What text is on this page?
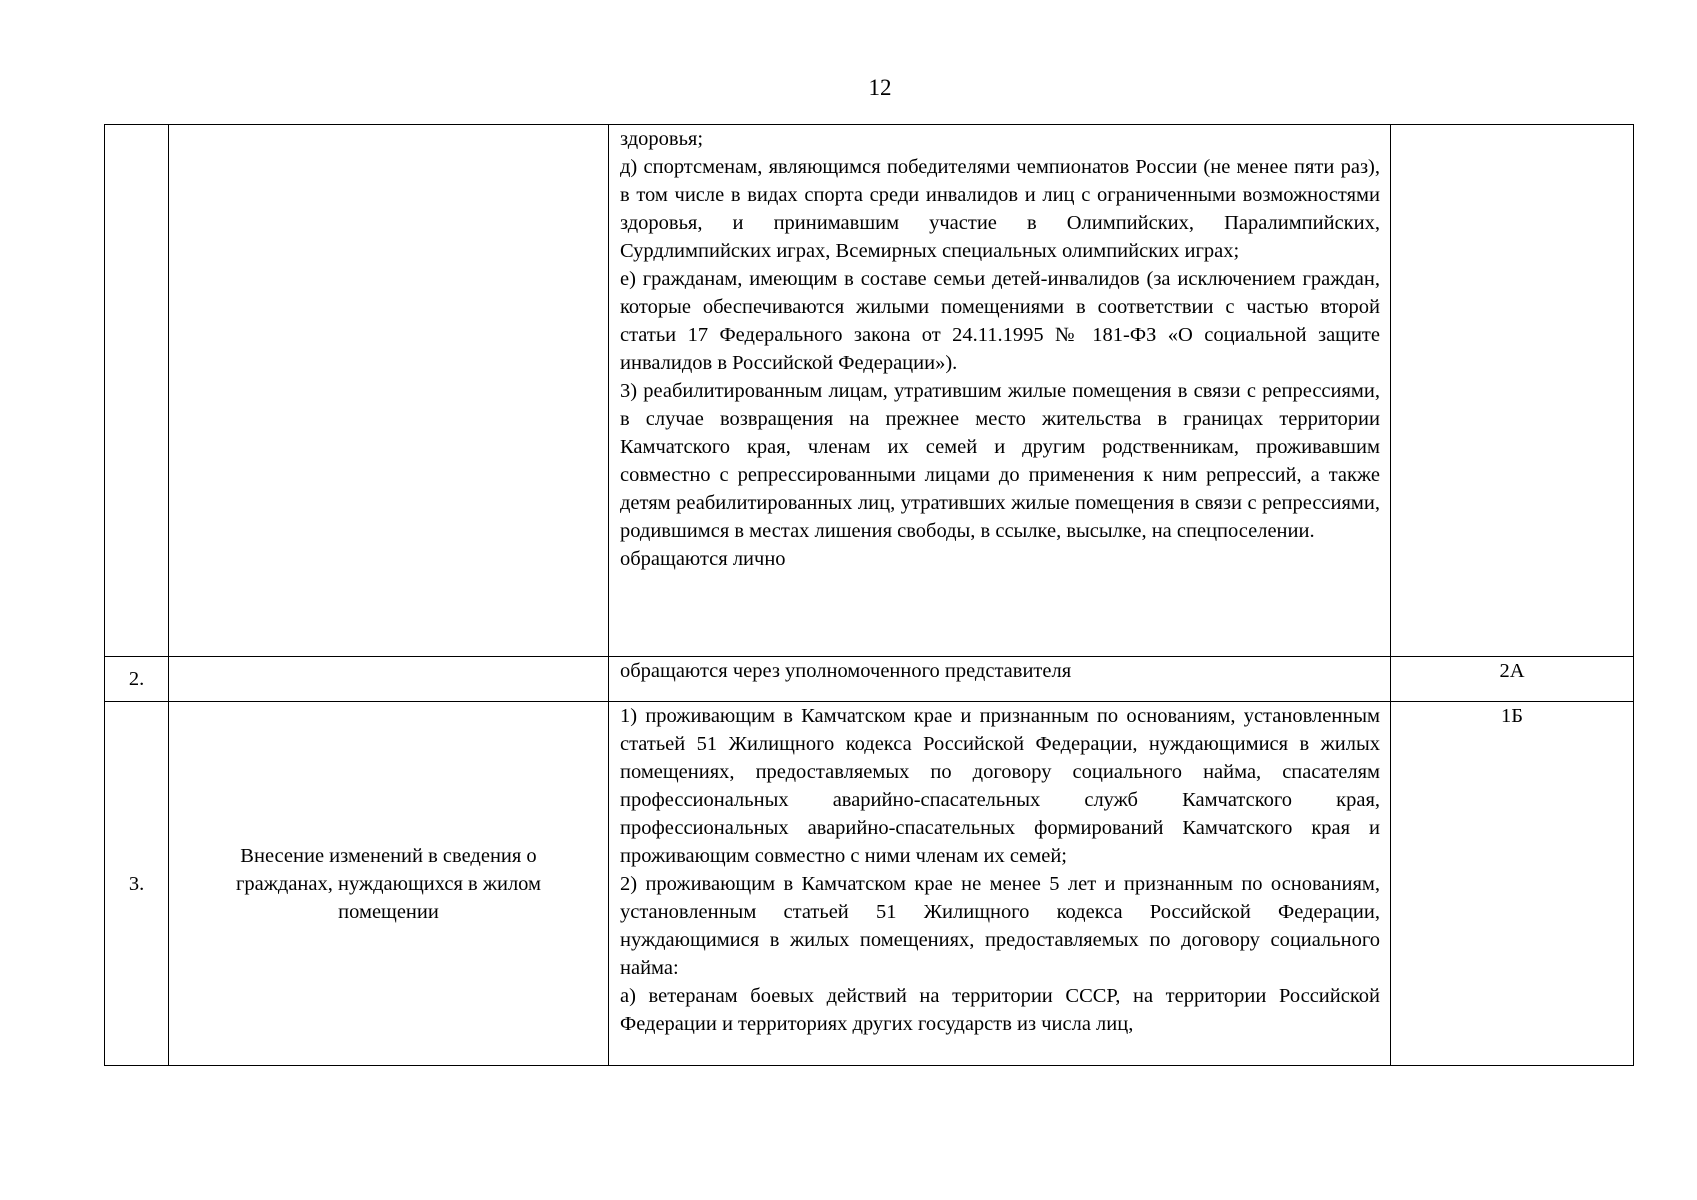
12

		здоровья;
д) спортсменам, являющимся победителями чемпионатов России (не менее пяти раз), в том числе в видах спорта среди инвалидов и лиц с ограниченными возможностями здоровья, и принимавшим участие в Олимпийских, Паралимпийских, Сурдлимпийских играх, Всемирных специальных олимпийских играх;
е) гражданам, имеющим в составе семьи детей-инвалидов (за исключением граждан, которые обеспечиваются жилыми помещениями в соответствии с частью второй статьи 17 Федерального закона от 24.11.1995 № 181-ФЗ «О социальной защите инвалидов в Российской Федерации»).
3) реабилитированным лицам, утратившим жилые помещения в связи с репрессиями, в случае возвращения на прежнее место жительства в границах территории Камчатского края, членам их семей и другим родственникам, проживавшим совместно с репрессированными лицами до применения к ним репрессий, а также детям реабилитированных лиц, утративших жилые помещения в связи с репрессиями, родившимся в местах лишения свободы, в ссылке, высылке, на спецпоселении.
обращаются лично	

2.		обращаются через уполномоченного представителя	2А
3.	Внесение изменений в сведения о гражданах, нуждающихся в жилом помещении	1) проживающим в Камчатском крае и признанным по основаниям, установленным статьей 51 Жилищного кодекса Российской Федерации, нуждающимися в жилых помещениях, предоставляемых по договору социального найма, спасателям профессиональных аварийно-спасательных служб Камчатского края, профессиональных аварийно-спасательных формирований Камчатского края и проживающим совместно с ними членам их семей;
2) проживающим в Камчатском крае не менее 5 лет и признанным по основаниям, установленным статьей 51 Жилищного кодекса Российской Федерации, нуждающимися в жилых помещениях, предоставляемых по договору социального найма:
а) ветеранам боевых действий на территории СССР, на территории Российской Федерации и территориях других государств из числа лиц,	1Б
